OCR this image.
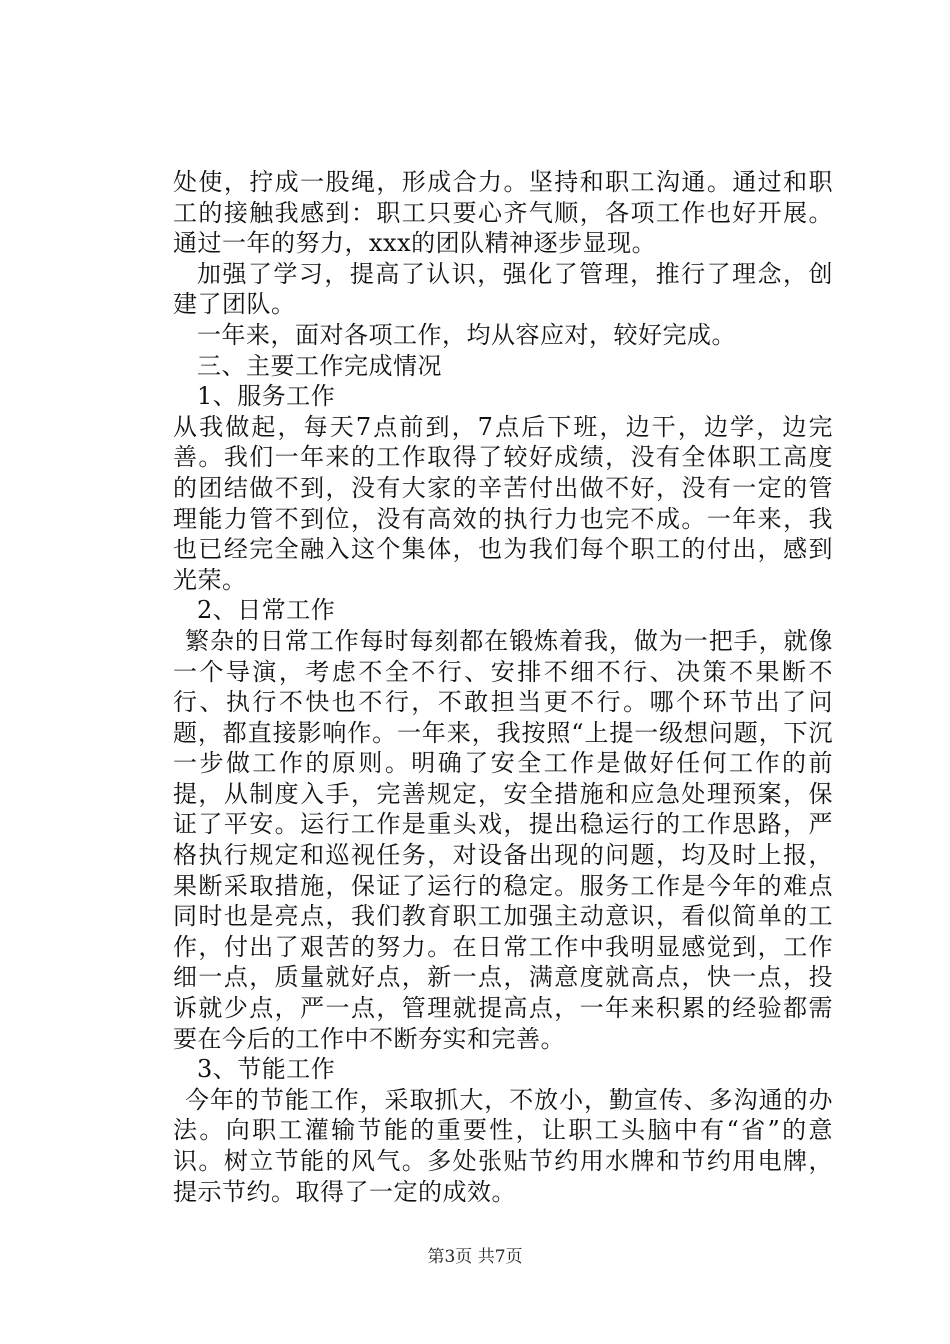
处使，拧成一股绳，形成合力。坚持和职工沟通。通过和职工的接触我感到：职工只要心齐气顺，各项工作也好开展。通过一年的努力，xxx的团队精神逐步显现。

加强了学习，提高了认识，强化了管理，推行了理念，创建了团队。

一年来，面对各项工作，均从容应对，较好完成。

三、主要工作完成情况

1、服务工作

从我做起，每天7点前到，7点后下班，边干，边学，边完善。我们一年来的工作取得了较好成绩，没有全体职工高度的团结做不到，没有大家的辛苦付出做不好，没有一定的管理能力管不到位，没有高效的执行力也完不成。一年来，我也已经完全融入这个集体，也为我们每个职工的付出，感到光荣。

2、日常工作

繁杂的日常工作每时每刻都在锻炼着我，做为一把手，就像一个导演，考虑不全不行、安排不细不行、决策不果断不行、执行不快也不行，不敢担当更不行。哪个环节出了问题，都直接影响作。一年来，我按照“上提一级想问题，下沉一步做工作的原则。明确了安全工作是做好任何工作的前提，从制度入手，完善规定，安全措施和应急处理预案，保证了平安。运行工作是重头戏，提出稳运行的工作思路，严格执行规定和巡视任务，对设备出现的问题，均及时上报，果断采取措施，保证了运行的稳定。服务工作是今年的难点同时也是亮点，我们教育职工加强主动意识，看似简单的工作，付出了艰苦的努力。在日常工作中我明显感觉到，工作细一点，质量就好点，新一点，满意度就高点，快一点，投诉就少点，严一点，管理就提高点，一年来积累的经验都需要在今后的工作中不断夯实和完善。

3、节能工作

今年的节能工作，采取抓大，不放小，勤宣传、多沟通的办法。向职工灌输节能的重要性，让职工头脑中有“省”的意识。树立节能的风气。多处张贴节约用水牌和节约用电牌，提示节约。取得了一定的成效。

第3页 共7页
